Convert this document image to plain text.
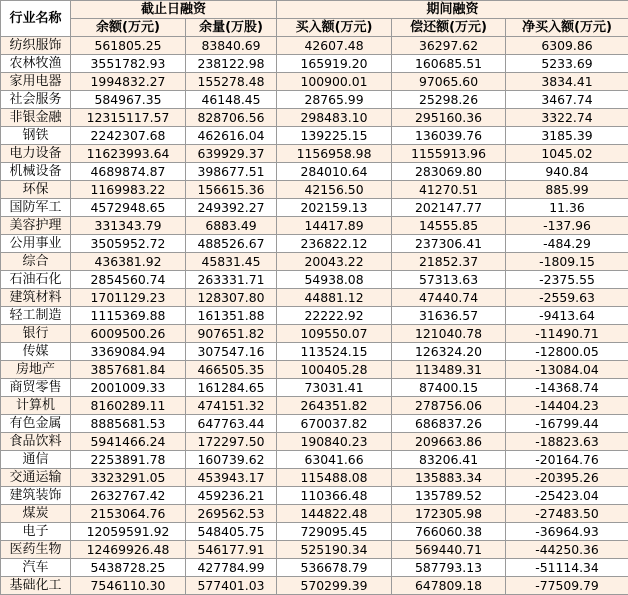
行业名称	截止日融资		期间融资		
	余额(万元)	余量(万股)	买入额(万元)	偿还额(万元)	净买入额(万元)
纺织服饰	561805.25	83840.69	42607.48	36297.62	6309.86
农林牧渔	3551782.93	238122.98	165919.20	160685.51	5233.69
家用电器	1994832.27	155278.48	100900.01	97065.60	3834.41
社会服务	584967.35	46148.45	28765.99	25298.26	3467.74
非银金融	12315117.57	828706.56	298483.10	295160.36	3322.74
钢铁	2242307.68	462616.04	139225.15	136039.76	3185.39
电力设备	11623993.64	639929.37	1156958.98	1155913.96	1045.02
机械设备	4689874.87	398677.51	284010.64	283069.80	940.84
环保	1169983.22	156615.36	42156.50	41270.51	885.99
国防军工	4572948.65	249392.27	202159.13	202147.77	11.36
美容护理	331343.79	6883.49	14417.89	14555.85	-137.96
公用事业	3505952.72	488526.67	236822.12	237306.41	-484.29
综合	436381.92	45831.45	20043.22	21852.37	-1809.15
石油石化	2854560.74	263331.71	54938.08	57313.63	-2375.55
建筑材料	1701129.23	128307.80	44881.12	47440.74	-2559.63
轻工制造	1115369.88	161351.88	22222.92	31636.57	-9413.64
银行	6009500.26	907651.82	109550.07	121040.78	-11490.71
传媒	3369084.94	307547.16	113524.15	126324.20	-12800.05
房地产	3857681.84	466505.35	100405.28	113489.31	-13084.04
商贸零售	2001009.33	161284.65	73031.41	87400.15	-14368.74
计算机	8160289.11	474151.32	264351.82	278756.06	-14404.23
有色金属	8885681.53	647763.44	670037.82	686837.26	-16799.44
食品饮料	5941466.24	172297.50	190840.23	209663.86	-18823.63
通信	2253891.78	160739.62	63041.66	83206.41	-20164.76
交通运输	3323291.05	453943.17	115488.08	135883.34	-20395.26
建筑装饰	2632767.42	459236.21	110366.48	135789.52	-25423.04
煤炭	2153064.76	269562.53	144822.48	172305.98	-27483.50
电子	12059591.92	548405.75	729095.45	766060.38	-36964.93
医药生物	12469926.48	546177.91	525190.34	569440.71	-44250.36
汽车	5438728.25	427784.99	536678.79	587793.13	-51114.34
基础化工	7546110.30	577401.03	570299.39	647809.18	-77509.79
